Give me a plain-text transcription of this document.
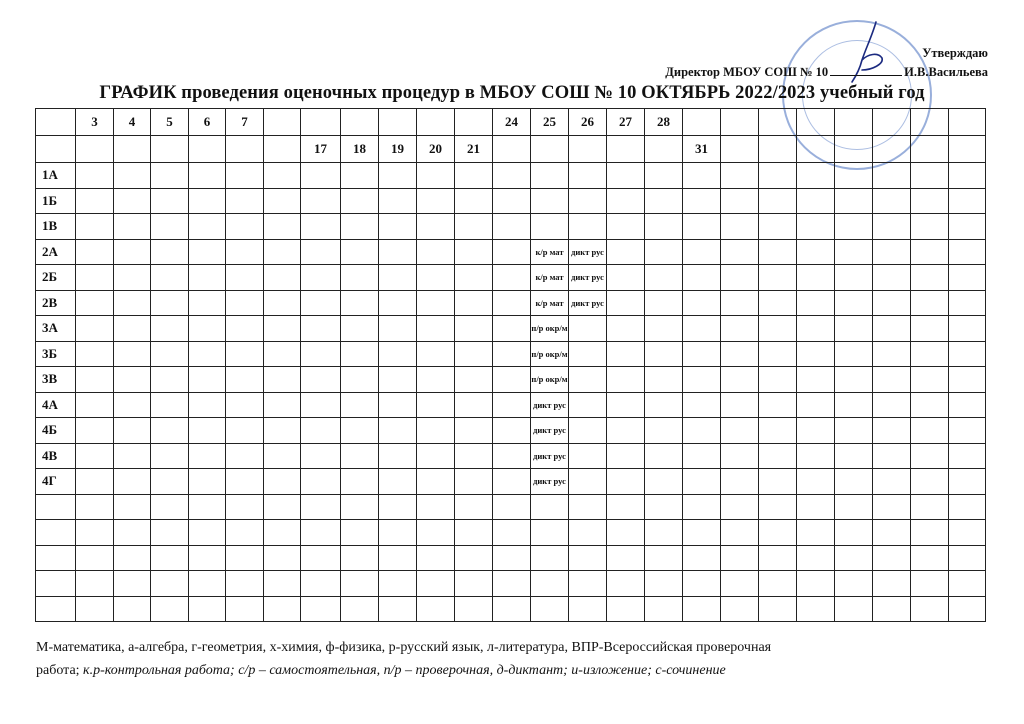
Утверждаю
Директор МБОУ СОШ № 10	И.В.Васильева
ГРАФИК проведения оценочных процедур в МБОУ СОШ № 10 ОКТЯБРЬ 2022/2023 учебный год
	3	4	5	6	7							24	25	26	27	28								
							17	18	19	20	21						31							
1А																								
1Б																								
1В																								
2А													к/р мат	дикт рус										
2Б													к/р мат	дикт рус										
2В													к/р мат	дикт рус										
3А													п/р окр/м											
3Б													п/р окр/м											
3В													п/р окр/м											
4А													дикт рус											
4Б													дикт рус											
4В													дикт рус											
4Г													дикт рус											

М-математика, а-алгебра, г-геометрия, х-химия, ф-физика, р-русский язык, л-литература, ВПР-Всероссийская проверочная
работа; к.р-контрольная работа; с/р – самостоятельная, п/р – проверочная, д-диктант; и-изложение; с-сочинение
